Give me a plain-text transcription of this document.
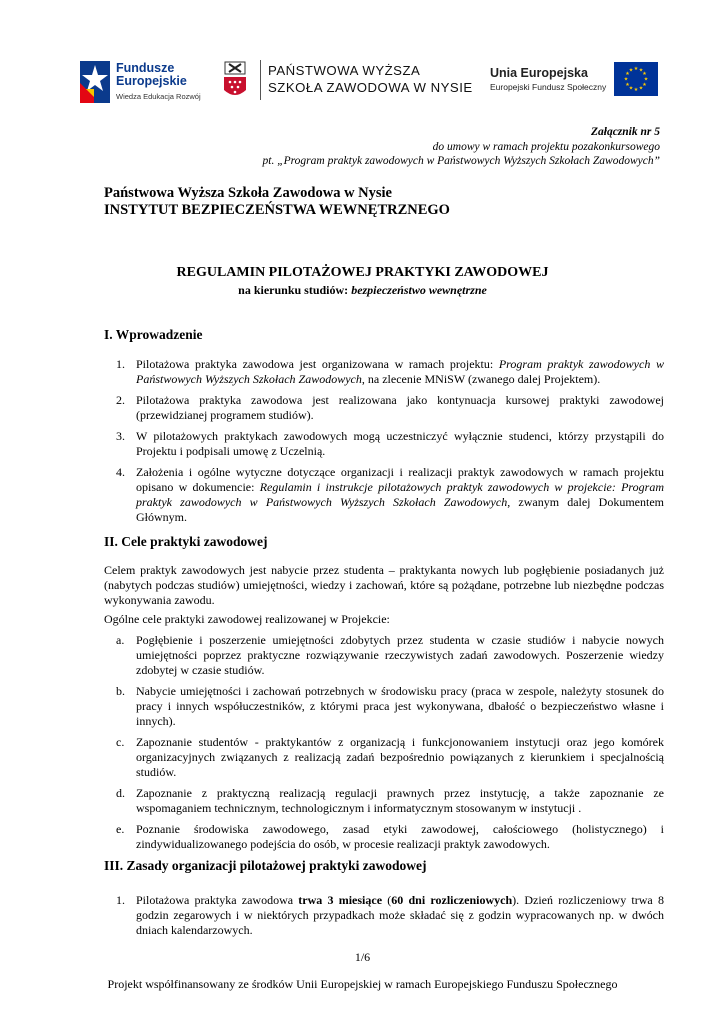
Fundusze
Europejskie
Wiedza Edukacja Rozwój
PAŃSTWOWA WYŻSZA
SZKOŁA ZAWODOWA W NYSIE
Unia Europejska
Europejski Fundusz Społeczny
★ ★
★
★
★
★
★
★
★
★
★
★
Załącznik nr 5
do umowy w ramach projektu pozakonkursowego
pt. „Program praktyk zawodowych w Państwowych Wyższych Szkołach Zawodowych”
Państwowa Wyższa Szkoła Zawodowa w Nysie
INSTYTUT BEZPIECZEŃSTWA WEWNĘTRZNEGO
REGULAMIN PILOTAŻOWEJ PRAKTYKI ZAWODOWEJ
na kierunku studiów: bezpieczeństwo wewnętrzne
I. Wprowadzenie
1. Pilotażowa praktyka zawodowa jest organizowana w ramach projektu: Program praktyk zawodowych w Państwowych Wyższych Szkołach Zawodowych, na zlecenie MNiSW (zwanego dalej Projektem).
2. Pilotażowa praktyka zawodowa jest realizowana jako kontynuacja kursowej praktyki zawodowej (przewidzianej programem studiów).
3. W pilotażowych praktykach zawodowych mogą uczestniczyć wyłącznie studenci, którzy przystąpili do Projektu i podpisali umowę z Uczelnią.
4. Założenia i ogólne wytyczne dotyczące organizacji i realizacji praktyk zawodowych w ramach projektu opisano w dokumencie: Regulamin i instrukcje pilotażowych praktyk zawodowych w projekcie: Program praktyk zawodowych w Państwowych Wyższych Szkołach Zawodowych, zwanym dalej Dokumentem Głównym.
II. Cele praktyki zawodowej
Celem praktyk zawodowych jest nabycie przez studenta – praktykanta nowych lub pogłębienie posiadanych już (nabytych podczas studiów) umiejętności, wiedzy i zachowań, które są pożądane, potrzebne lub niezbędne podczas wykonywania zawodu.
Ogólne cele praktyki zawodowej realizowanej w Projekcie:
a. Pogłębienie i poszerzenie umiejętności zdobytych przez studenta w czasie studiów i nabycie nowych umiejętności poprzez praktyczne rozwiązywanie rzeczywistych zadań zawodowych. Poszerzenie wiedzy zdobytej w czasie studiów.
b. Nabycie umiejętności i zachowań potrzebnych w środowisku pracy (praca w zespole, należyty stosunek do pracy i innych współuczestników, z którymi praca jest wykonywana, dbałość o bezpieczeństwo własne i innych).
c. Zapoznanie studentów - praktykantów z organizacją i funkcjonowaniem instytucji oraz jego komórek organizacyjnych związanych z realizacją zadań bezpośrednio powiązanych z kierunkiem i specjalnością studiów.
d. Zapoznanie z praktyczną realizacją regulacji prawnych przez instytucję, a także zapoznanie ze wspomaganiem technicznym, technologicznym i informatycznym stosowanym w instytucji .
e. Poznanie środowiska zawodowego, zasad etyki zawodowej, całościowego (holistycznego) i zindywidualizowanego podejścia do osób, w procesie realizacji praktyk zawodowych.
III. Zasady organizacji pilotażowej praktyki zawodowej
1. Pilotażowa praktyka zawodowa trwa 3 miesiące (60 dni rozliczeniowych). Dzień rozliczeniowy trwa 8 godzin zegarowych i w niektórych przypadkach może składać się z godzin wypracowanych np. w dwóch dniach kalendarzowych.
1/6
Projekt współfinansowany ze środków Unii Europejskiej w ramach Europejskiego Funduszu Społecznego
